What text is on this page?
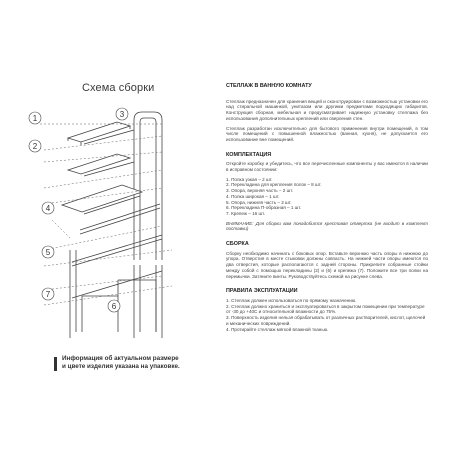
Схема сборки
1
2
3
4
5
6
7
Информация об актуальном размере
и цвете изделия указана на упаковке.
СТЕЛЛАЖ В ВАННУЮ КОМНАТУ

Стеллаж предназначен для хранения вещей и сконструирован с возможностью установки его над стиральной машинкой, унитазом или другими предметами подходящих габаритов. Конструкция сборная, мебельная и предусматривает надежную установку стеллажа без использования дополнительных креплений или сверления стен.

Стеллаж разработан исключительно для бытового применения внутри помещений, в том числе помещений с повышенной влажностью (ванная, кухня), не допускается его использование вне помещений.

КОМПЛЕКТАЦИЯ

Откройте коробку и убедитесь, что все перечисленные компоненты у вас имеются в наличии в исправном состоянии:

1. Полка узкая – 2 шт.
2. Перекладина для крепления полок – 8 шт.
3. Опора, верхняя часть – 2 шт.
4. Полка широкая – 1 шт.
5. Опора, нижняя часть – 2 шт.
6. Перекладина П-образная – 1 шт.
7. Крепеж – 16 шт.

ВНИМАНИЕ: Для сборки вам понадобится крестовая отвертка (не входит в комплект поставки)

СБОРКА

Сборку необходимо начинать с боковых опор. Вставьте верхнюю часть опоры в нижнюю до упора. Отверстия в месте стыковки должны совпасть. На нижней части опоры имеются по два отверстия, которые располагаются с задней стороны. Прикрепите собранные стойки между собой с помощью перекладины (2) и (6) и крепежа (7). Положите все три полки на перемычки. Затяните винты. Руководствуйтесь схемой на рисунке слева.

ПРАВИЛА ЭКСПЛУАТАЦИИ
1. Стеллаж должен использоваться по прямому назначению.
2. Стеллаж должно храниться и эксплуатироваться в закрытом помещении при температуре от -30 до +40С и относительной влажности до 75%.
3. Поверхность изделия нельзя обрабатывать от различных растворителей, кислот, щелочей и механических повреждений.
4. Протирайте стеллаж мягкой влажной тканью.
